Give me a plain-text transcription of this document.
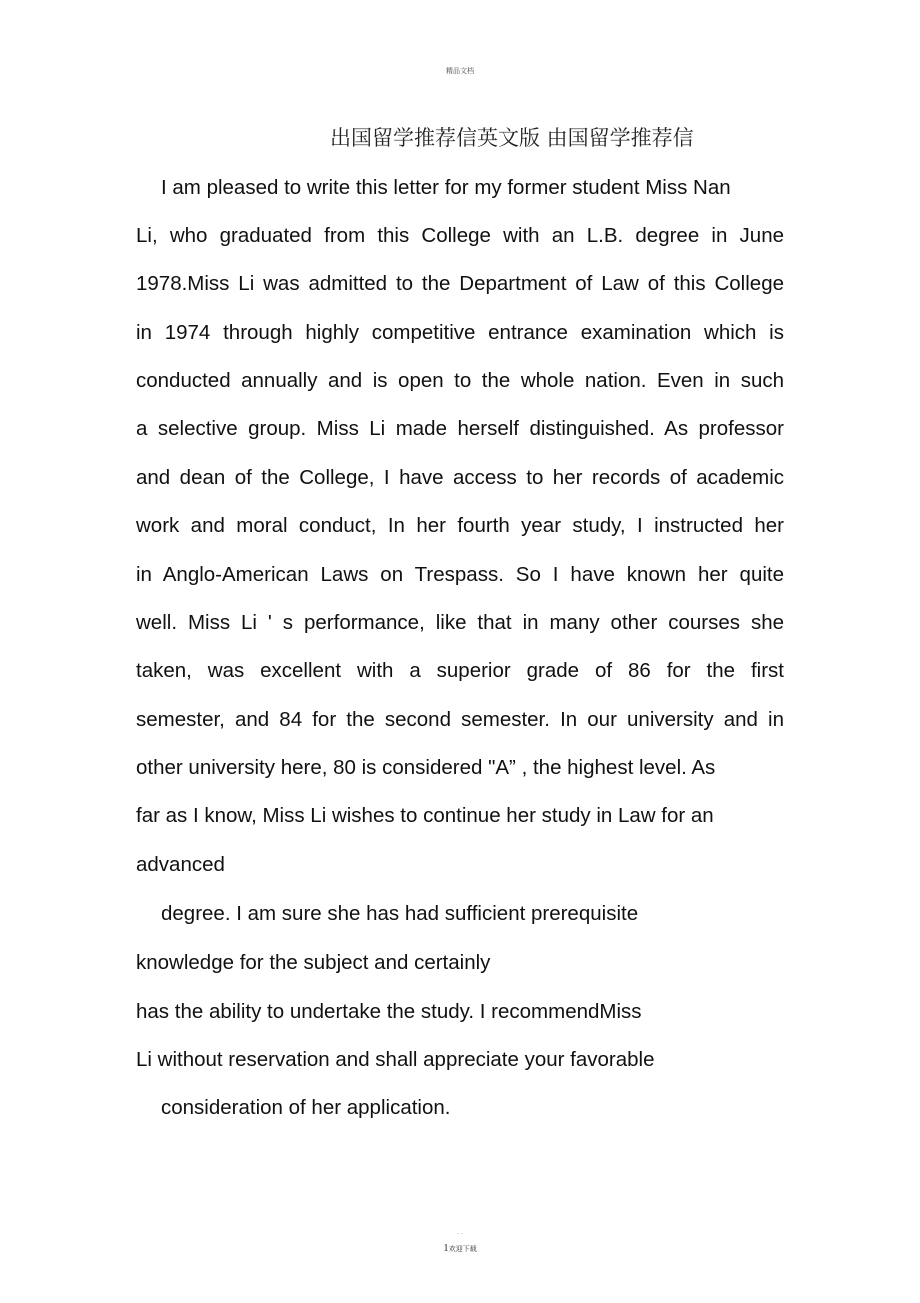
精品文档
出国留学推荐信英文版 由国留学推荐信
I am pleased to write this letter for my former student Miss Nan
Li, who graduated from this College with an L.B. degree in June
1978.Miss Li was admitted to the Department of Law of this College
in 1974 through highly competitive entrance examination which is
conducted annually and is open to the whole nation. Even in such
a selective group. Miss Li made herself distinguished. As professor
and dean of the College, I have access to her records of academic
work and moral conduct, In her fourth year study, I instructed her
in Anglo-American Laws on Trespass. So I have known her quite
well. Miss Li ' s performance, like that in many other courses she
taken, was excellent with a superior grade of 86 for the first
semester, and 84 for the second semester. In our university and in
other university here, 80 is considered "A” , the highest level. As
far as I know, Miss Li wishes to continue her study in Law for an
advanced
degree. I am sure she has had sufficient prerequisite
knowledge for the subject and certainly
has the ability to undertake the study. I recommendMiss
Li without reservation and shall appreciate your favorable
consideration of her application.
. .
1欢迎下载
